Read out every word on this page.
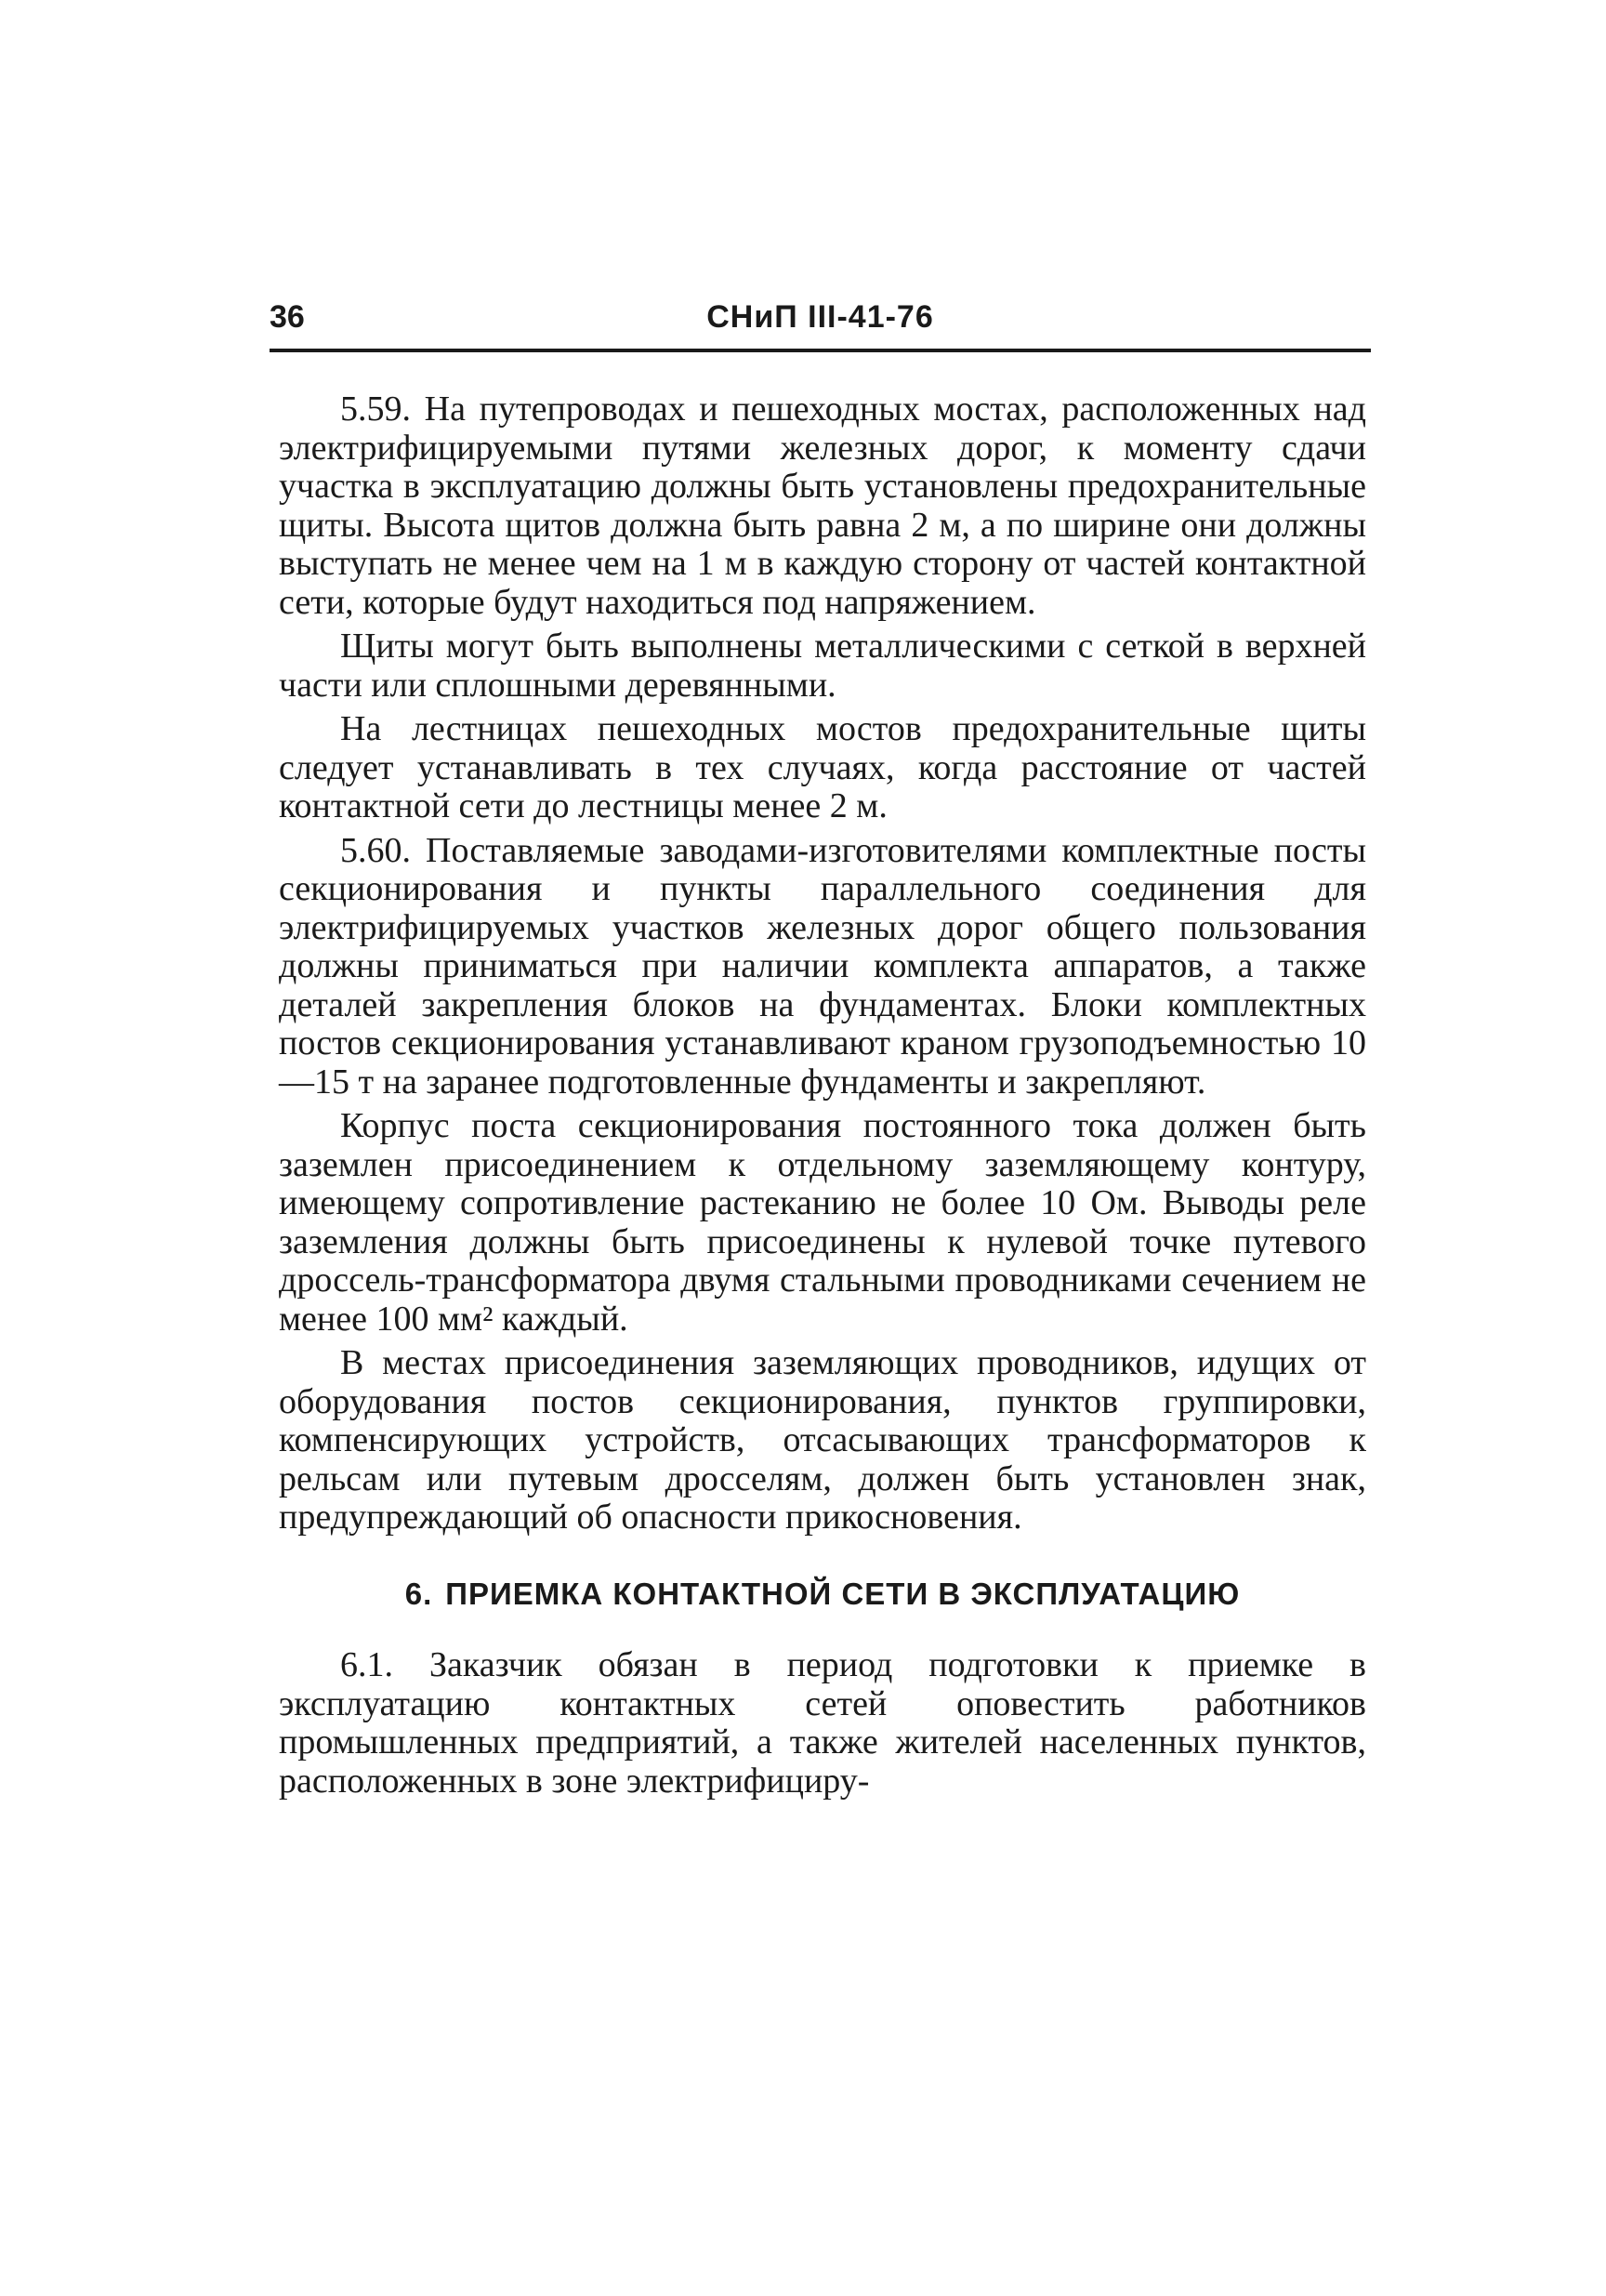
36	СНиП III-41-76

5.59. На путепроводах и пешеходных мостах, расположенных над электрифицируемыми путями железных дорог, к моменту сдачи участка в эксплуатацию должны быть установлены предохранительные щиты. Высота щитов должна быть равна 2 м, а по ширине они должны выступать не менее чем на 1 м в каждую сторону от частей контактной сети, которые будут находиться под напряжением.

Щиты могут быть выполнены металлическими с сеткой в верхней части или сплошными деревянными.

На лестницах пешеходных мостов предохранительные щиты следует устанавливать в тех случаях, когда расстояние от частей контактной сети до лестницы менее 2 м.

5.60. Поставляемые заводами-изготовителями комплектные посты секционирования и пункты параллельного соединения для электрифицируемых участков железных дорог общего пользования должны приниматься при наличии комплекта аппаратов, а также деталей закрепления блоков на фундаментах. Блоки комплектных постов секционирования устанавливают краном грузоподъемностью 10—15 т на заранее подготовленные фундаменты и закрепляют.

Корпус поста секционирования постоянного тока должен быть заземлен присоединением к отдельному заземляющему контуру, имеющему сопротивление растеканию не более 10 Ом. Выводы реле заземления должны быть присоединены к нулевой точке путевого дроссель-трансформатора двумя стальными проводниками сечением не менее 100 мм² каждый.

В местах присоединения заземляющих проводников, идущих от оборудования постов секционирования, пунктов группировки, компенсирующих устройств, отсасывающих трансформаторов к рельсам или путевым дросселям, должен быть установлен знак, предупреждающий об опасности прикосновения.

6. ПРИЕМКА КОНТАКТНОЙ СЕТИ В ЭКСПЛУАТАЦИЮ

6.1. Заказчик обязан в период подготовки к приемке в эксплуатацию контактных сетей оповестить работников промышленных предприятий, а также жителей населенных пунктов, расположенных в зоне электрифициру-
